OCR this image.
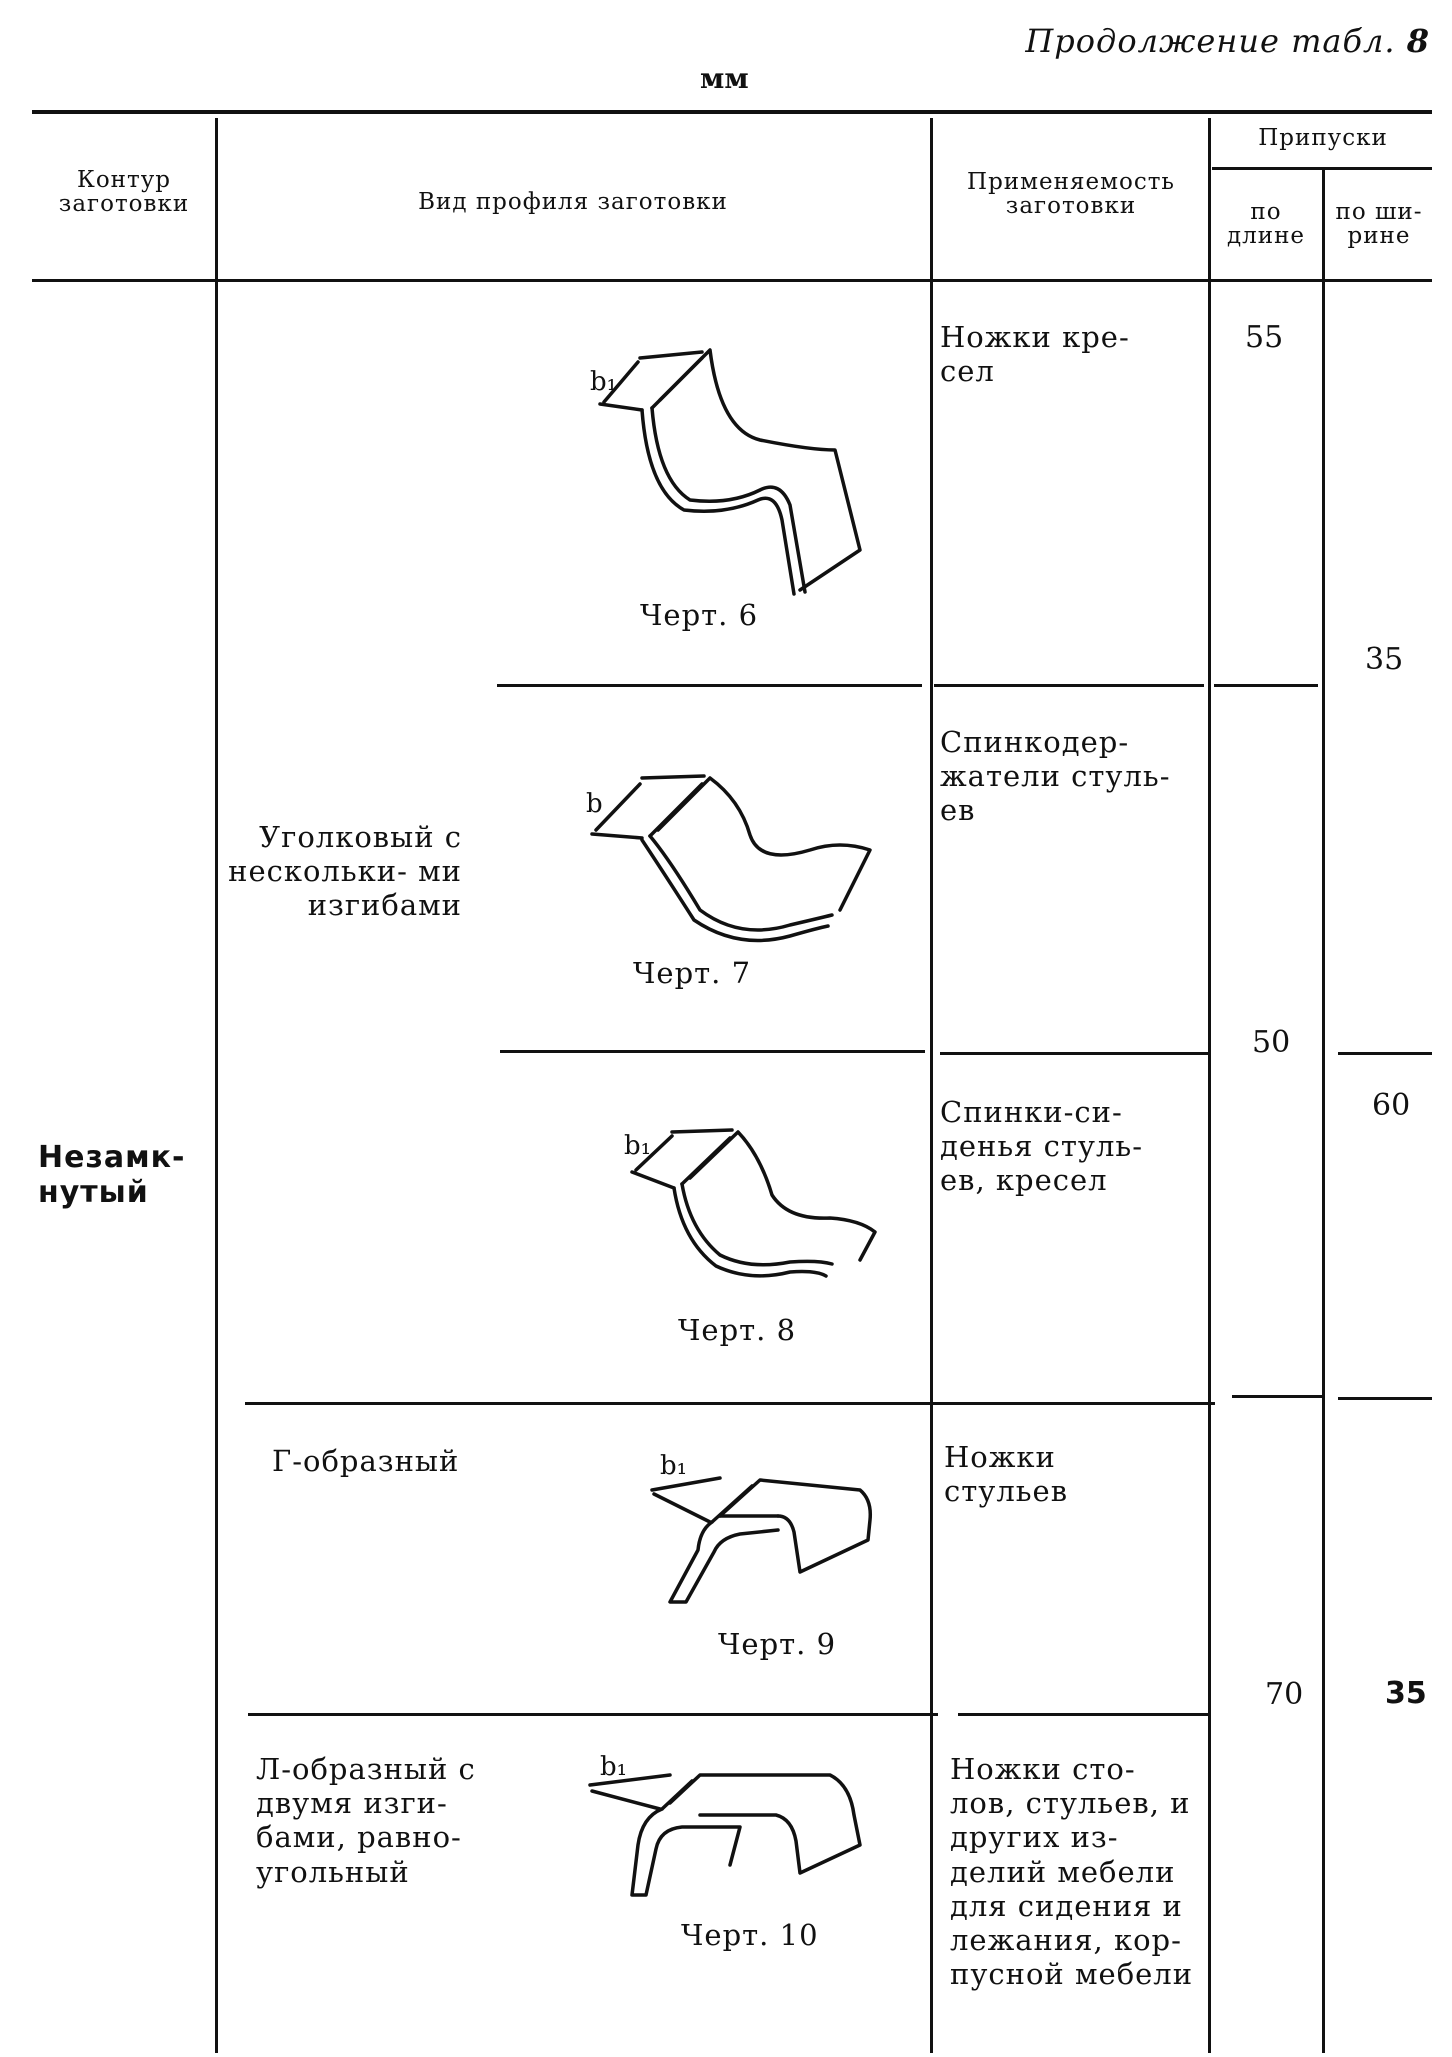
Продолжение табл. 8
мм
Контур заготовки	Вид профиля заготовки
Применяемость заготовки
Припуски
по длине
по ши- рине
Незамк- нутый
Уголковый с нескольки- ми изгибами
Г-образный
Л-образный с двумя изги- бами, равно- угольный
b₁
Черт. 6
b
Черт. 7
b₁
Черт. 8
b₁
Черт. 9
b₁
Черт. 10
Ножки кре- сел
Спинкодер- жатели стуль- ев
Спинки-си- денья стуль- ев, кресел
Ножки стульев
Ножки сто- лов, стульев, и других из- делий мебели для сидения и лежания, кор- пусной мебели
55
35
50
60
70	35
